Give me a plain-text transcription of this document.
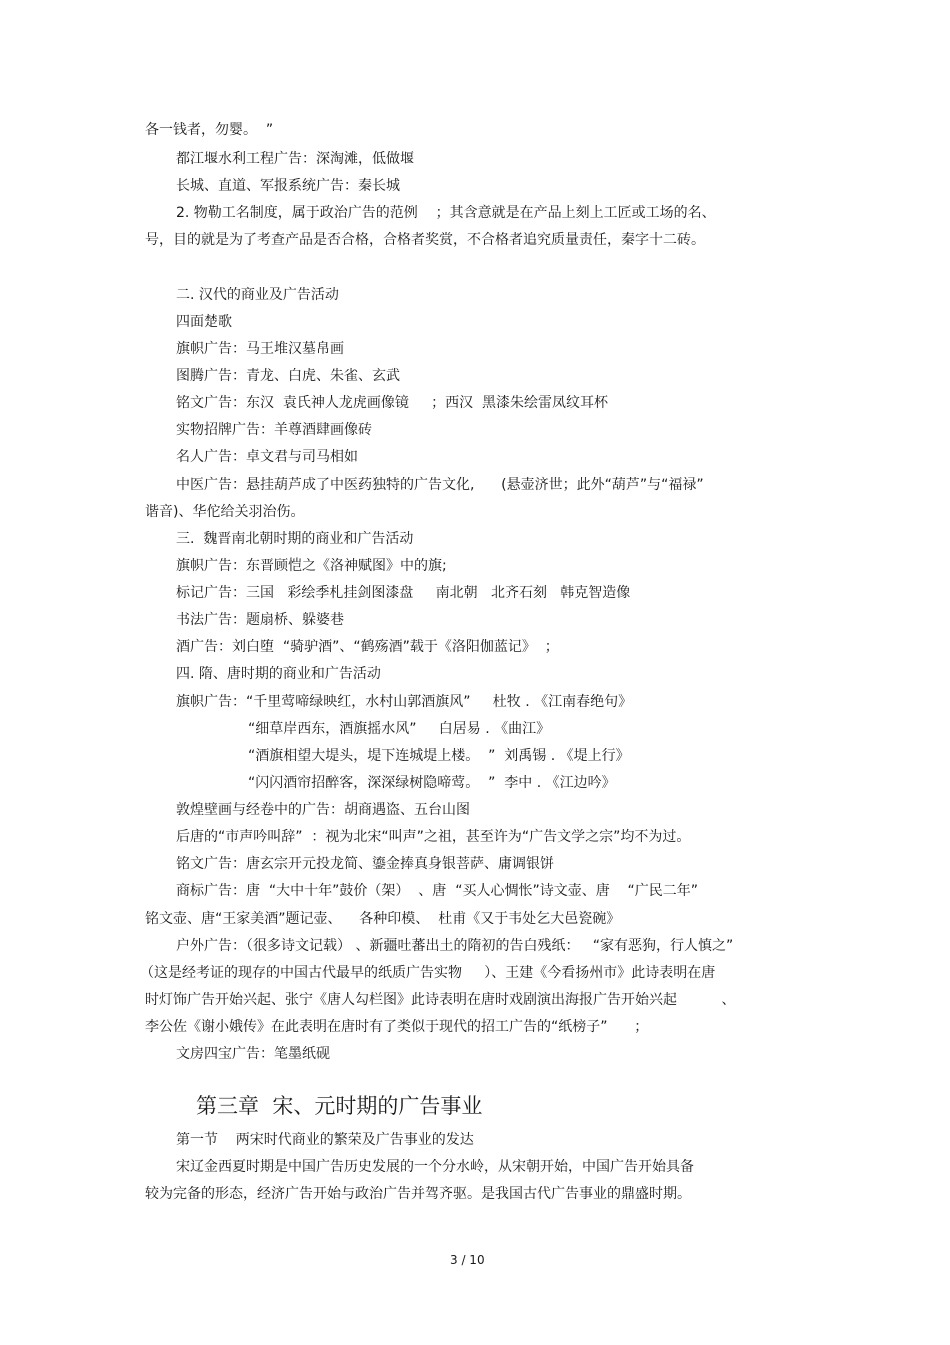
各一钱者，勿婴。  ”
都江堰水利工程广告：深淘滩，低做堰
长城、直道、军报系统广告：秦长城
2. 物勒工名制度，属于政治广告的范例    ；其含意就是在产品上刻上工匠或工场的名、
号，目的就是为了考查产品是否合格，合格者奖赏，不合格者追究质量责任，秦字十二砖。
二. 汉代的商业及广告活动
四面楚歌
旗帜广告：马王堆汉墓帛画
图腾广告：青龙、白虎、朱雀、玄武
铭文广告：东汉  袁氏神人龙虎画像镜     ；西汉  黑漆朱绘雷凤纹耳杯
实物招牌广告：羊尊酒肆画像砖
名人广告：卓文君与司马相如
中医广告：悬挂葫芦成了中医药独特的广告文化,      (悬壶济世；此外“葫芦”与“福禄”
谐音)、华佗给关羽治伤。
三.  魏晋南北朝时期的商业和广告活动
旗帜广告：东晋顾恺之《洛神赋图》中的旗;
标记广告：三国   彩绘季札挂剑图漆盘     南北朝   北齐石刻   韩克智造像
书法广告：题扇桥、躲婆巷
酒广告：刘白堕  “骑驴酒”、“鹤殇酒”载于《洛阳伽蓝记》  ；
四. 隋、唐时期的商业和广告活动
旗帜广告：“千里莺啼绿映红，水村山郭酒旗风”     杜牧 . 《江南春绝句》
“细草岸西东，酒旗摇水风”     白居易 . 《曲江》
“酒旗相望大堤头，堤下连城堤上楼。  ”  刘禹锡 . 《堤上行》
“闪闪酒帘招醉客，深深绿树隐啼莺。  ”  李中 . 《江边吟》
敦煌壁画与经卷中的广告：胡商遇盗、五台山图
后唐的“市声吟叫辞”  ：视为北宋“叫声”之祖，甚至许为“广告文学之宗”均不为过。
铭文广告：唐玄宗开元投龙简、鎏金捧真身银菩萨、庸调银饼
商标广告：唐  “大中十年”鼓价（架）  、唐  “买人心惆怅”诗文壶、唐    “广民二年”
铭文壶、唐“王家美酒”题记壶、    各种印模、  杜甫《又于韦处乞大邑瓷碗》
户外广告：（很多诗文记载） 、新疆吐蕃出土的隋初的告白残纸：   “家有恶狗，行人慎之”
（这是经考证的现存的中国古代最早的纸质广告实物     ）、王建《今看扬州市》此诗表明在唐
时灯饰广告开始兴起、张宁《唐人勾栏图》此诗表明在唐时戏剧演出海报广告开始兴起          、
李公佐《谢小娥传》在此表明在唐时有了类似于现代的招工广告的“纸榜子”      ；
文房四宝广告：笔墨纸砚
第三章  宋、元时期的广告事业
第一节    两宋时代商业的繁荣及广告事业的发达
宋辽金西夏时期是中国广告历史发展的一个分水岭，从宋朝开始，中国广告开始具备
较为完备的形态，经济广告开始与政治广告并驾齐驱。是我国古代广告事业的鼎盛时期。
3 / 10
